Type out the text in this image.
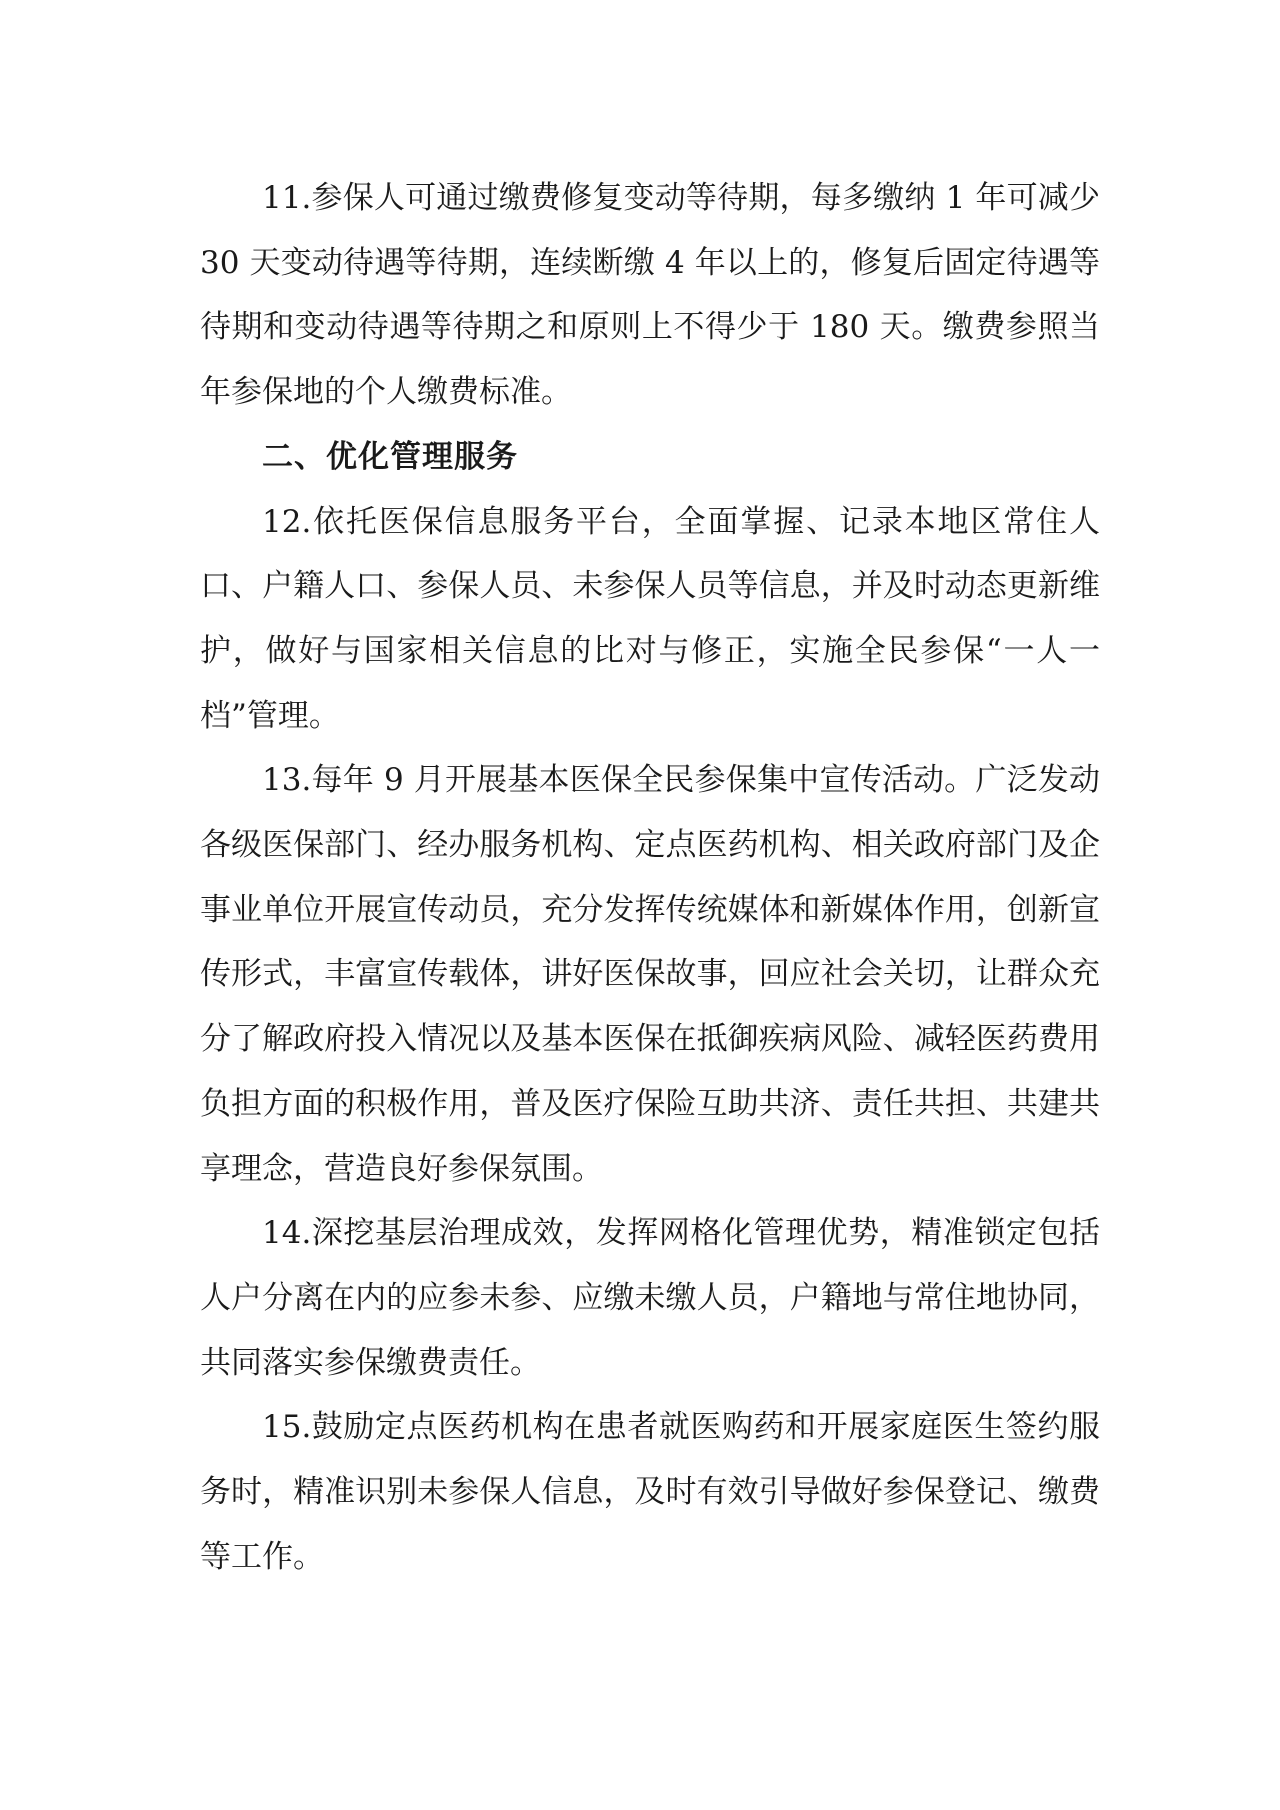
11.参保人可通过缴费修复变动等待期，每多缴纳 1 年可减少 30 天变动待遇等待期，连续断缴 4 年以上的，修复后固定待遇等待期和变动待遇等待期之和原则上不得少于 180 天。缴费参照当年参保地的个人缴费标准。

二、优化管理服务

12.依托医保信息服务平台，全面掌握、记录本地区常住人口、户籍人口、参保人员、未参保人员等信息，并及时动态更新维护，做好与国家相关信息的比对与修正，实施全民参保“一人一档”管理。

13.每年 9 月开展基本医保全民参保集中宣传活动。广泛发动各级医保部门、经办服务机构、定点医药机构、相关政府部门及企事业单位开展宣传动员，充分发挥传统媒体和新媒体作用，创新宣传形式，丰富宣传载体，讲好医保故事，回应社会关切，让群众充分了解政府投入情况以及基本医保在抵御疾病风险、减轻医药费用负担方面的积极作用，普及医疗保险互助共济、责任共担、共建共享理念，营造良好参保氛围。

14.深挖基层治理成效，发挥网格化管理优势，精准锁定包括人户分离在内的应参未参、应缴未缴人员，户籍地与常住地协同，共同落实参保缴费责任。

15.鼓励定点医药机构在患者就医购药和开展家庭医生签约服务时，精准识别未参保人信息，及时有效引导做好参保登记、缴费等工作。
